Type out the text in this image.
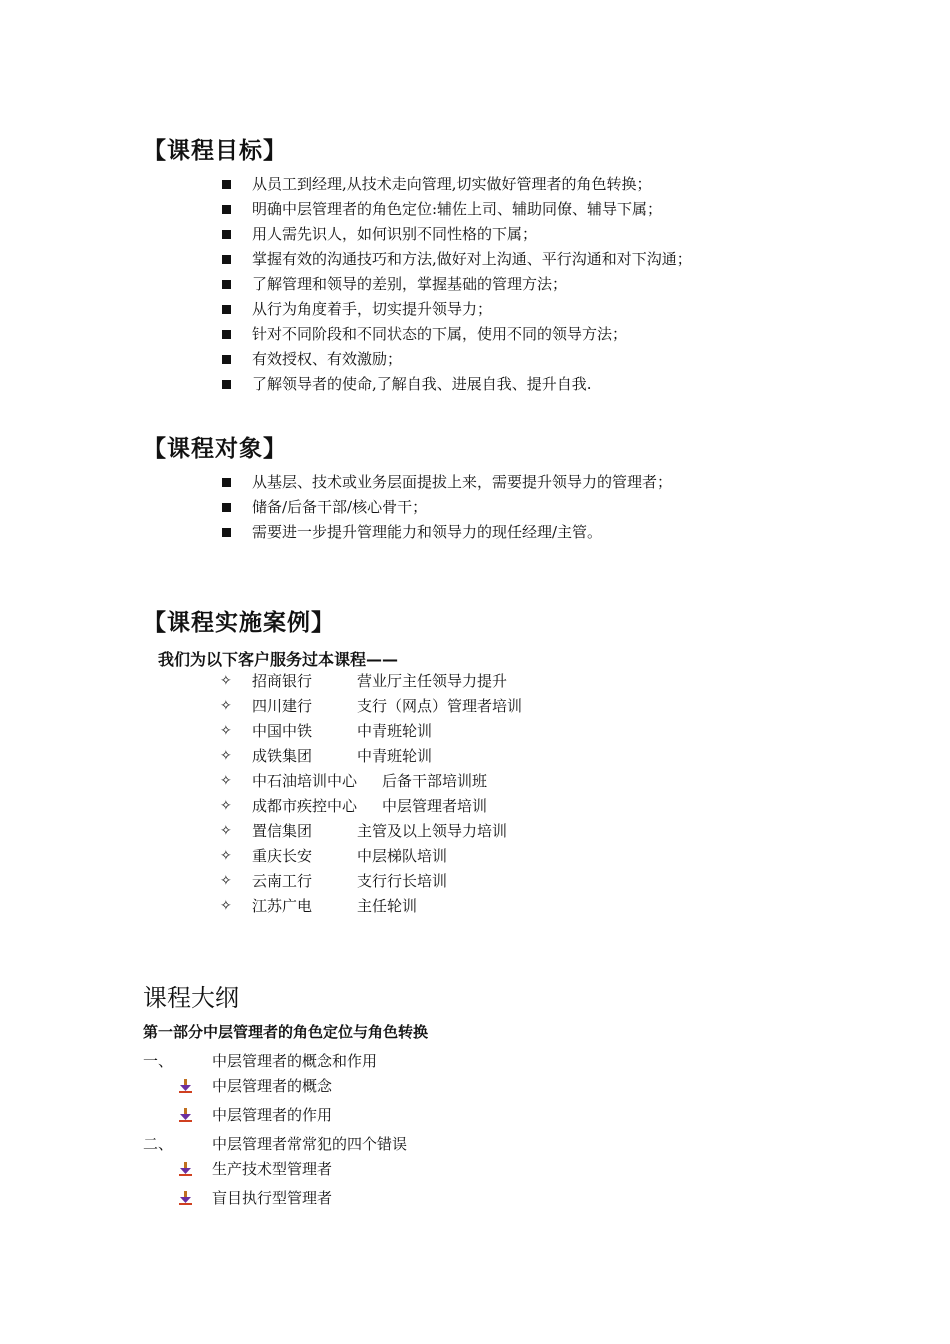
【课程目标】
从员工到经理,从技术走向管理,切实做好管理者的角色转换；
明确中层管理者的角色定位:辅佐上司、辅助同僚、辅导下属；
用人需先识人，如何识别不同性格的下属；
掌握有效的沟通技巧和方法,做好对上沟通、平行沟通和对下沟通；
了解管理和领导的差别，掌握基础的管理方法；
从行为角度着手，切实提升领导力；
针对不同阶段和不同状态的下属，使用不同的领导方法；
有效授权、有效激励；
了解领导者的使命,了解自我、进展自我、提升自我.
【课程对象】
从基层、技术或业务层面提拔上来，需要提升领导力的管理者；
储备/后备干部/核心骨干；
需要进一步提升管理能力和领导力的现任经理/主管。
【课程实施案例】
我们为以下客户服务过本课程——
✧	招商银行	营业厅主任领导力提升
✧	四川建行	支行（网点）管理者培训
✧	中国中铁	中青班轮训
✧	成铁集团	中青班轮训
✧	中石油培训中心	后备干部培训班
✧	成都市疾控中心	中层管理者培训
✧	置信集团	主管及以上领导力培训
✧	重庆长安	中层梯队培训
✧	云南工行	支行行长培训
✧	江苏广电	主任轮训
课程大纲
第一部分中层管理者的角色定位与角色转换
一、	中层管理者的概念和作用
中层管理者的概念
中层管理者的作用
二、	中层管理者常常犯的四个错误
生产技术型管理者
盲目执行型管理者
